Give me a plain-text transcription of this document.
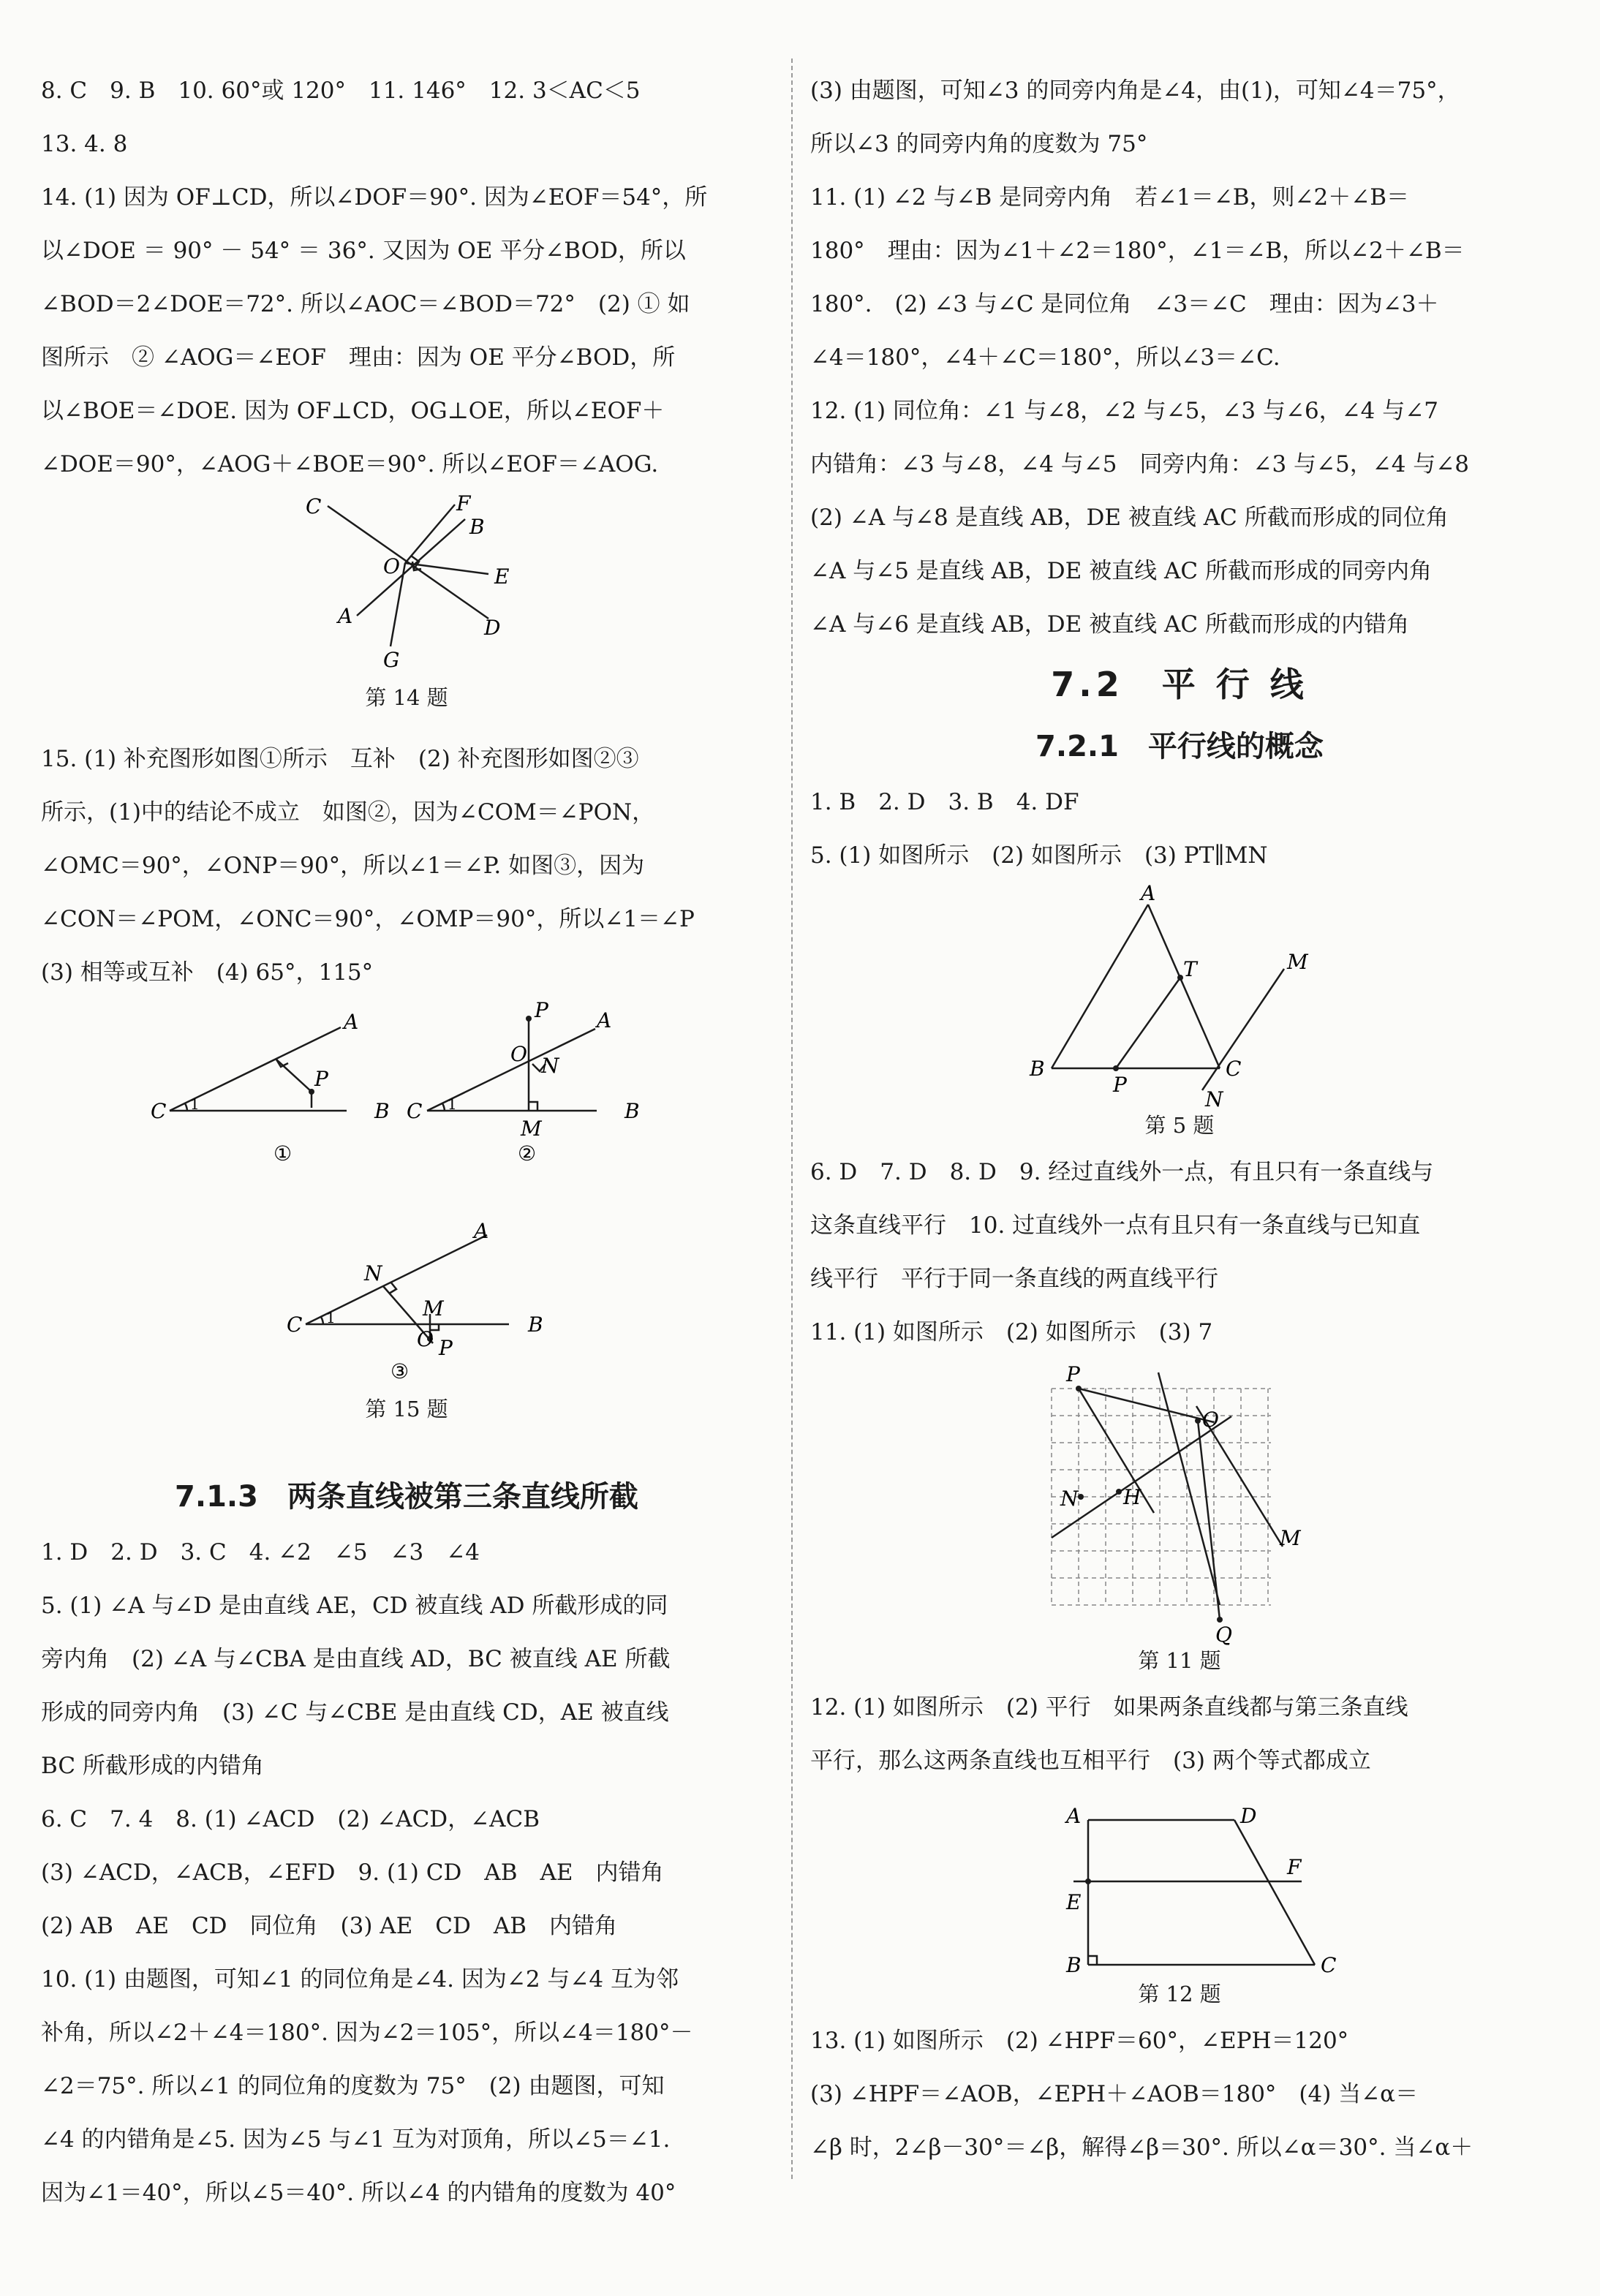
8. C　9. B　10. 60°或 120°　11. 146°　12. 3＜AC＜5
13. 4. 8
14. (1) 因为 OF⊥CD，所以∠DOF＝90°. 因为∠EOF＝54°，所
以∠DOE ＝ 90° － 54° ＝ 36°. 又因为 OE 平分∠BOD，所以
∠BOD＝2∠DOE＝72°. 所以∠AOC＝∠BOD＝72°　(2) ① 如
图所示　② ∠AOG＝∠EOF　理由：因为 OE 平分∠BOD，所
以∠BOE＝∠DOE. 因为 OF⊥CD，OG⊥OE，所以∠EOF＋
∠DOE＝90°，∠AOG＋∠BOE＝90°. 所以∠EOF＝∠AOG.
C	F
B
O	E
A
G
D
第 14 题
15. (1) 补充图形如图①所示　互补　(2) 补充图形如图②③
所示，(1)中的结论不成立　如图②，因为∠COM＝∠PON，
∠OMC＝90°，∠ONP＝90°，所以∠1＝∠P. 如图③，因为
∠CON＝∠POM，∠ONC＝90°，∠OMP＝90°，所以∠1＝∠P
(3) 相等或互补　(4) 65°，115°
A
P
C 1	B
①
P A
O N
C 1
M
B
②
A
N
C 1	M
O P
B
③
第 15 题
7.1.3　两条直线被第三条直线所截
1. D　2. D　3. C　4. ∠2　∠5　∠3　∠4
5. (1) ∠A 与∠D 是由直线 AE，CD 被直线 AD 所截形成的同
旁内角　(2) ∠A 与∠CBA 是由直线 AD，BC 被直线 AE 所截
形成的同旁内角　(3) ∠C 与∠CBE 是由直线 CD，AE 被直线
BC 所截形成的内错角
6. C　7. 4　8. (1) ∠ACD　(2) ∠ACD，∠ACB
(3) ∠ACD，∠ACB，∠EFD　9. (1) CD　AB　AE　内错角
(2) AB　AE　CD　同位角　(3) AE　CD　AB　内错角
10. (1) 由题图，可知∠1 的同位角是∠4. 因为∠2 与∠4 互为邻
补角，所以∠2＋∠4＝180°. 因为∠2＝105°，所以∠4＝180°－
∠2＝75°. 所以∠1 的同位角的度数为 75°　(2) 由题图，可知
∠4 的内错角是∠5. 因为∠5 与∠1 互为对顶角，所以∠5＝∠1.
因为∠1＝40°，所以∠5＝40°. 所以∠4 的内错角的度数为 40°
(3) 由题图，可知∠3 的同旁内角是∠4，由(1)，可知∠4＝75°，
所以∠3 的同旁内角的度数为 75°
11. (1) ∠2 与∠B 是同旁内角　若∠1＝∠B，则∠2＋∠B＝
180°　理由：因为∠1＋∠2＝180°，∠1＝∠B，所以∠2＋∠B＝
180°.　(2) ∠3 与∠C 是同位角　∠3＝∠C　理由：因为∠3＋
∠4＝180°，∠4＋∠C＝180°，所以∠3＝∠C.
12. (1) 同位角：∠1 与∠8，∠2 与∠5，∠3 与∠6，∠4 与∠7
内错角：∠3 与∠8，∠4 与∠5　同旁内角：∠3 与∠5，∠4 与∠8
(2) ∠A 与∠8 是直线 AB，DE 被直线 AC 所截而形成的同位角
∠A 与∠5 是直线 AB，DE 被直线 AC 所截而形成的同旁内角
∠A 与∠6 是直线 AB，DE 被直线 AC 所截而形成的内错角
7.2　平 行 线
7.2.1　平行线的概念
1. B　2. D　3. B　4. DF
5. (1) 如图所示　(2) 如图所示　(3) PT∥MN
A
T	M
B
P
C
N
第 5 题
6. D　7. D　8. D　9. 经过直线外一点，有且只有一条直线与
这条直线平行　10. 过直线外一点有且只有一条直线与已知直
线平行　平行于同一条直线的两直线平行
11. (1) 如图所示　(2) 如图所示　(3) 7
P
O
N H
M
Q
第 11 题
12. (1) 如图所示　(2) 平行　如果两条直线都与第三条直线
平行，那么这两条直线也互相平行　(3) 两个等式都成立
A	D
F
E
B	C
第 12 题
13. (1) 如图所示　(2) ∠HPF＝60°，∠EPH＝120°
(3) ∠HPF＝∠AOB，∠EPH＋∠AOB＝180°　(4) 当∠α＝
∠β 时，2∠β－30°＝∠β，解得∠β＝30°. 所以∠α＝30°. 当∠α＋
